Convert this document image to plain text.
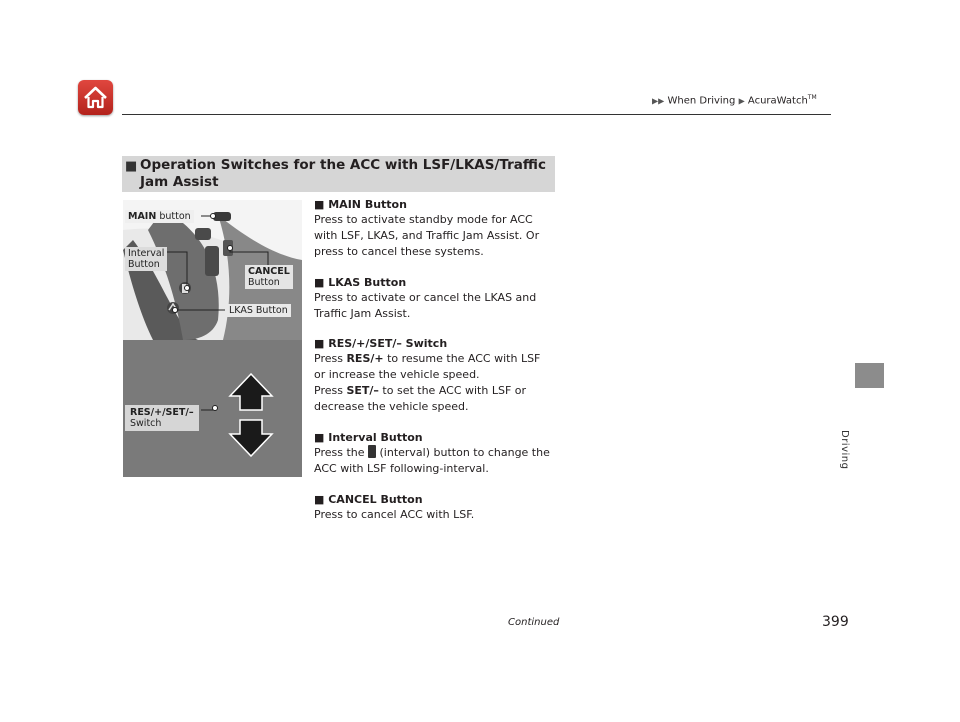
▶▶ When Driving ▶ AcuraWatch™
Driving
■ Operation Switches for the ACC with LSF/LKAS/Traffic Jam Assist
MAIN button
Interval
Button
CANCEL
Button
LKAS Button
RES/+/SET/–
Switch
■ MAIN Button
Press to activate standby mode for ACC with LSF, LKAS, and Traffic Jam Assist. Or press to cancel these systems.
■ LKAS Button
Press to activate or cancel the LKAS and Traffic Jam Assist.
■ RES/+/SET/– Switch
Press RES/+ to resume the ACC with LSF or increase the vehicle speed.
Press SET/– to set the ACC with LSF or decrease the vehicle speed.
■ Interval Button
Press the  (interval) button to change the ACC with LSF following-interval.
■ CANCEL Button
Press to cancel ACC with LSF.
Continued	399
